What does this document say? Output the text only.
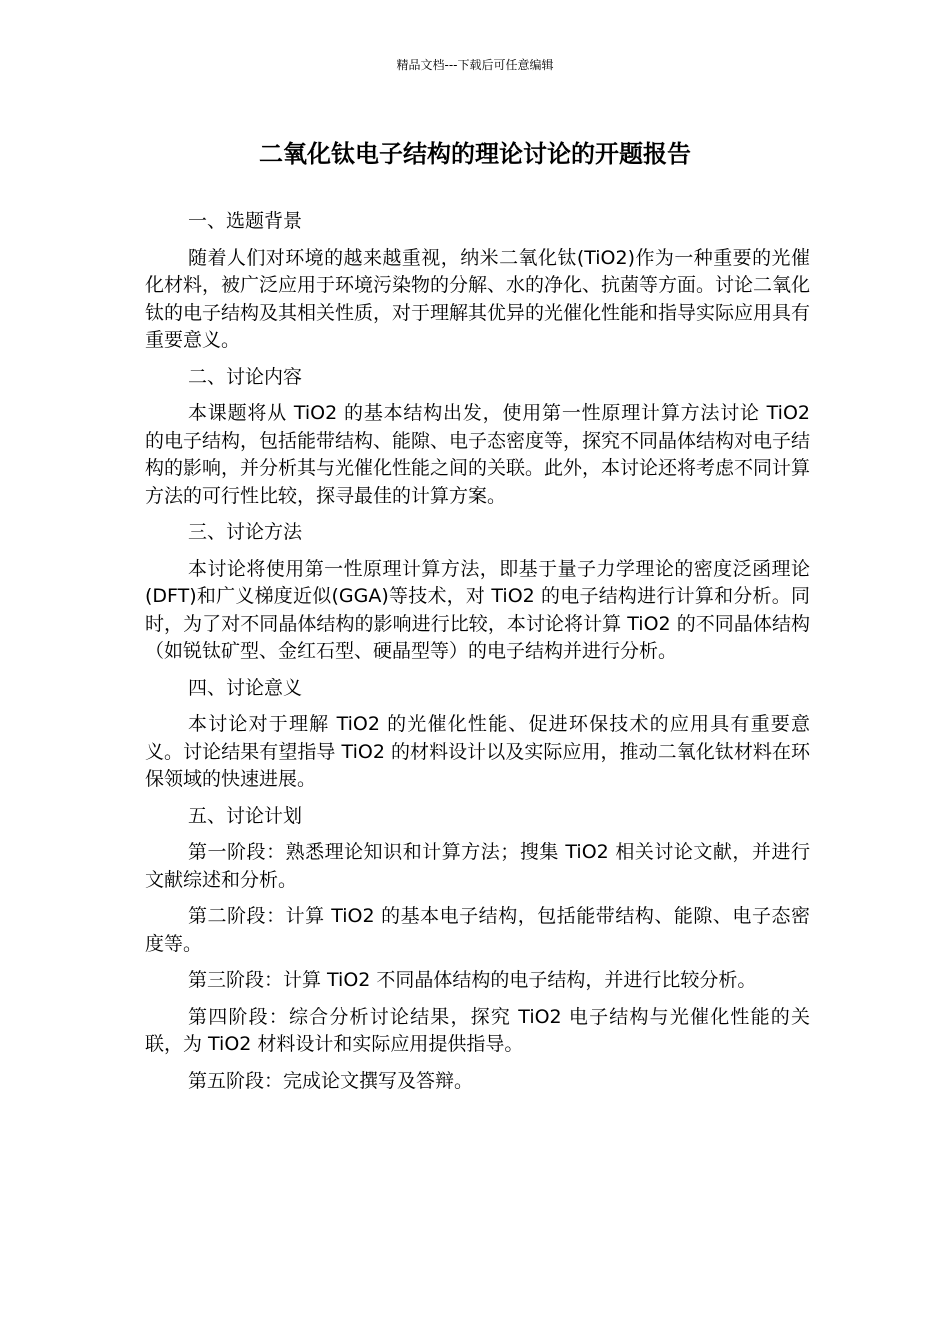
精品文档---下载后可任意编辑
二氧化钛电子结构的理论讨论的开题报告

一、选题背景

随着人们对环境的越来越重视，纳米二氧化钛(TiO2)作为一种重要的光催化材料，被广泛应用于环境污染物的分解、水的净化、抗菌等方面。讨论二氧化钛的电子结构及其相关性质，对于理解其优异的光催化性能和指导实际应用具有重要意义。

二、讨论内容

本课题将从 TiO2 的基本结构出发，使用第一性原理计算方法讨论 TiO2 的电子结构，包括能带结构、能隙、电子态密度等，探究不同晶体结构对电子结构的影响，并分析其与光催化性能之间的关联。此外，本讨论还将考虑不同计算方法的可行性比较，探寻最佳的计算方案。

三、讨论方法

本讨论将使用第一性原理计算方法，即基于量子力学理论的密度泛函理论(DFT)和广义梯度近似(GGA)等技术，对 TiO2 的电子结构进行计算和分析。同时，为了对不同晶体结构的影响进行比较，本讨论将计算 TiO2 的不同晶体结构（如锐钛矿型、金红石型、硬晶型等）的电子结构并进行分析。

四、讨论意义

本讨论对于理解 TiO2 的光催化性能、促进环保技术的应用具有重要意义。讨论结果有望指导 TiO2 的材料设计以及实际应用，推动二氧化钛材料在环保领域的快速进展。

五、讨论计划

第一阶段：熟悉理论知识和计算方法；搜集 TiO2 相关讨论文献，并进行文献综述和分析。

第二阶段：计算 TiO2 的基本电子结构，包括能带结构、能隙、电子态密度等。

第三阶段：计算 TiO2 不同晶体结构的电子结构，并进行比较分析。

第四阶段：综合分析讨论结果，探究 TiO2 电子结构与光催化性能的关联，为 TiO2 材料设计和实际应用提供指导。

第五阶段：完成论文撰写及答辩。
